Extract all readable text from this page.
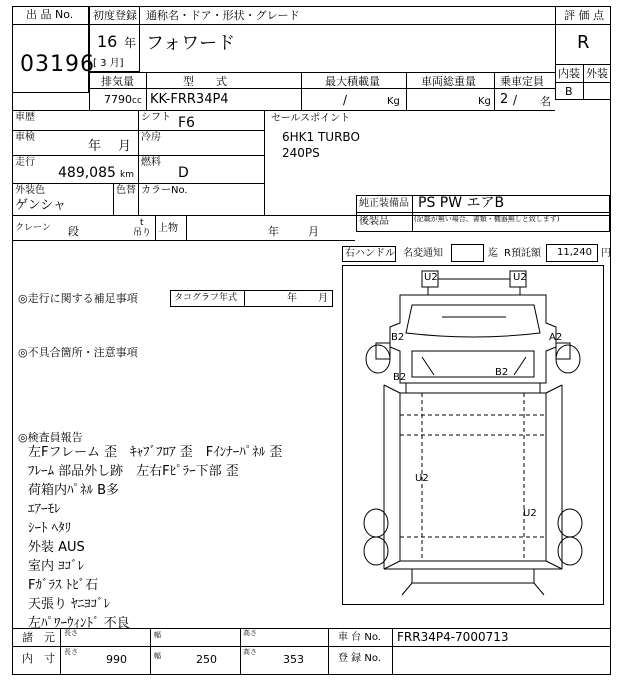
出 品 No.
03196
初度登録
16 年
[ 3 月]
通称名・ドア・形状・グレード
フォワード
評 価 点
R
内装 外装
B
排気量	型　　式	最大積載量	車両総重量 乗車定員
7790 cc KK-FRR34P4	/	Kg	Kg 2 / 名
車歴	シフト F6
車検
年 月
冷房
走行
489,085 km
燃料
D
外装色
ゲンシャ
色替 カラーNo.
セールスポイント
6HK1 TURBO
240PS
純正装備品 PS PW エアB
後装品	(記載が無い場合、書類・機器無しと致します)
クレーン 段
t
吊り 上物	年	月
右ハンドル 名変通知	迄 R預託額 11,240 円
◎走行に関する補足事項	タコグラフ年式	年 月
◎不具合箇所・注意事項
◎検査員報告
左Fフレーム 歪　ｷｬﾌﾞﾌﾛｱ 歪　Fｲﾝﾅｰﾊﾟﾈﾙ 歪
ﾌﾚｰﾑ 部品外し跡　左右Fﾋﾟﾗｰ下部 歪
荷箱内ﾊﾟﾈﾙ B多
ｴｱｰﾓﾚ
ｼｰﾄ ﾍﾀﾘ
外装 AUS
室内 ﾖｺﾞﾚ
Fｶﾞﾗｽ ﾄﾋﾞ石
天張り ﾔﾆﾖｺﾞﾚ
左ﾊﾟﾜｰｳｨﾝﾄﾞ 不良
U2	U2
B2	A2
B2	B2
U2
U2
諸　元
内　寸
長さ	幅	高さ
長さ	幅	高さ
990	250	353
車 台 No. FRR34P4-7000713
登 録 No.
